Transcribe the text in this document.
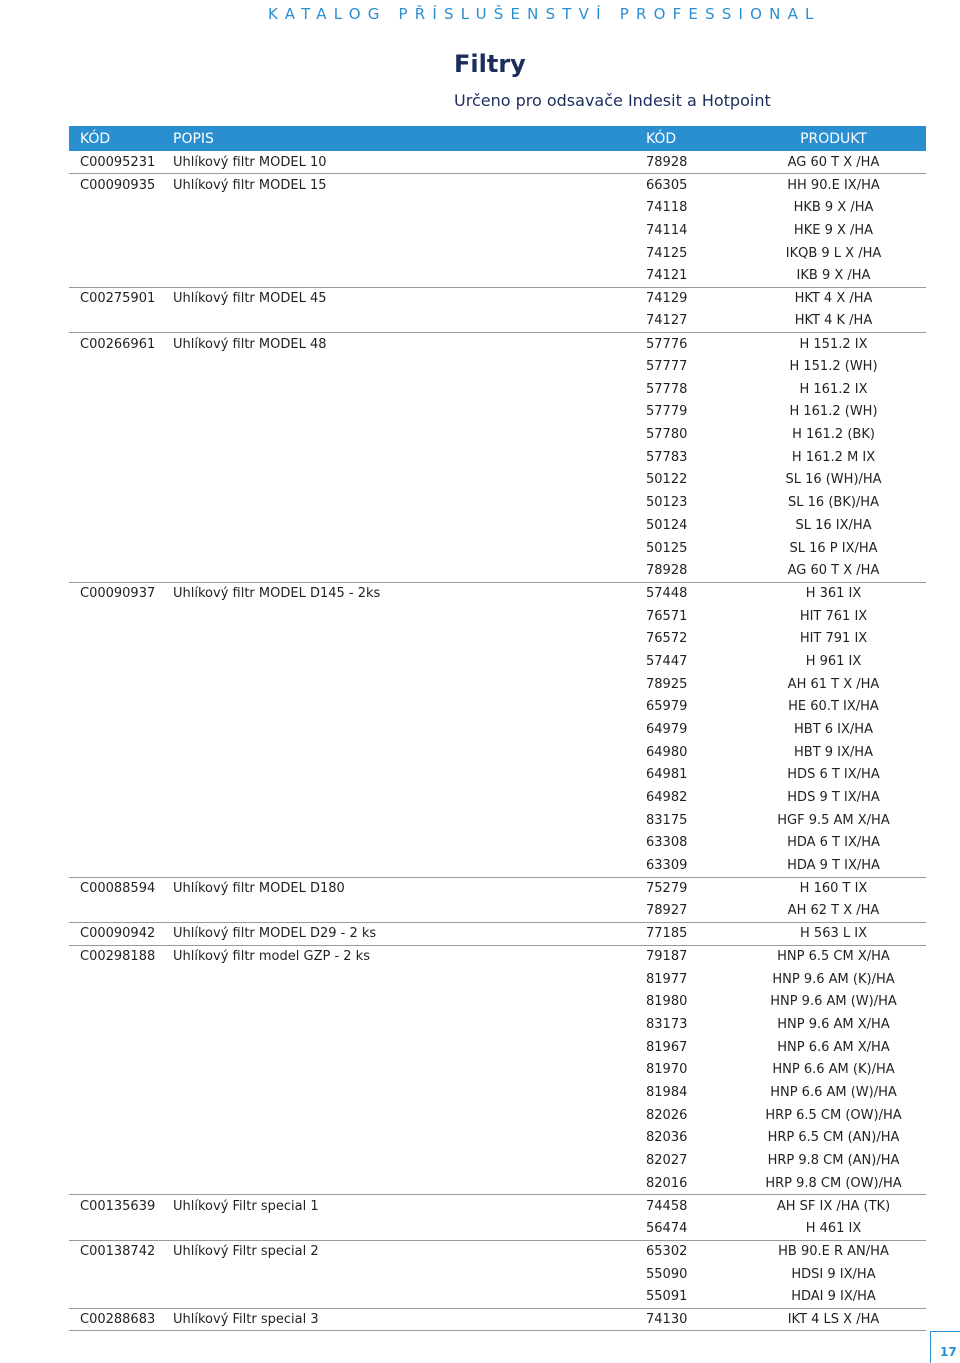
KATALOG PŘÍSLUŠENSTVÍ PROFESSIONAL
Filtry
Určeno pro odsavače Indesit a Hotpoint
KÓD	POPIS	KÓD	PRODUKT
C00095231	Uhlíkový filtr MODEL 10	78928	AG 60 T X /HA
C00090935	Uhlíkový filtr MODEL 15	66305	HH 90.E IX/HA
		74118	HKB 9 X /HA
		74114	HKE 9 X /HA
		74125	IKQB 9 L X /HA
		74121	IKB 9 X /HA
C00275901	Uhlíkový filtr MODEL 45	74129	HKT 4 X /HA
		74127	HKT 4 K /HA
C00266961	Uhlíkový filtr MODEL 48	57776	H 151.2 IX
		57777	H 151.2 (WH)
		57778	H 161.2 IX
		57779	H 161.2 (WH)
		57780	H 161.2 (BK)
		57783	H 161.2 M IX
		50122	SL 16 (WH)/HA
		50123	SL 16 (BK)/HA
		50124	SL 16 IX/HA
		50125	SL 16 P IX/HA
		78928	AG 60 T X /HA
C00090937	Uhlíkový filtr MODEL D145 - 2ks	57448	H 361 IX
		76571	HIT 761 IX
		76572	HIT 791 IX
		57447	H 961 IX
		78925	AH 61 T X /HA
		65979	HE 60.T IX/HA
		64979	HBT 6 IX/HA
		64980	HBT 9 IX/HA
		64981	HDS 6 T IX/HA
		64982	HDS 9 T IX/HA
		83175	HGF 9.5 AM X/HA
		63308	HDA 6 T IX/HA
		63309	HDA 9 T IX/HA
C00088594	Uhlíkový filtr MODEL D180	75279	H 160 T IX
		78927	AH 62 T X /HA
C00090942	Uhlíkový filtr MODEL D29 - 2 ks	77185	H 563 L IX
C00298188	Uhlíkový filtr model GZP - 2 ks	79187	HNP 6.5 CM X/HA
		81977	HNP 9.6 AM (K)/HA
		81980	HNP 9.6 AM (W)/HA
		83173	HNP 9.6 AM X/HA
		81967	HNP 6.6 AM X/HA
		81970	HNP 6.6 AM (K)/HA
		81984	HNP 6.6 AM (W)/HA
		82026	HRP 6.5 CM (OW)/HA
		82036	HRP 6.5 CM (AN)/HA
		82027	HRP 9.8 CM (AN)/HA
		82016	HRP 9.8 CM (OW)/HA
C00135639	Uhlíkový Filtr special 1	74458	AH SF IX /HA (TK)
		56474	H 461 IX
C00138742	Uhlíkový Filtr special 2	65302	HB 90.E R AN/HA
		55090	HDSI 9 IX/HA
		55091	HDAI 9 IX/HA
C00288683	Uhlíkový Filtr special 3	74130	IKT 4 LS X /HA
17
